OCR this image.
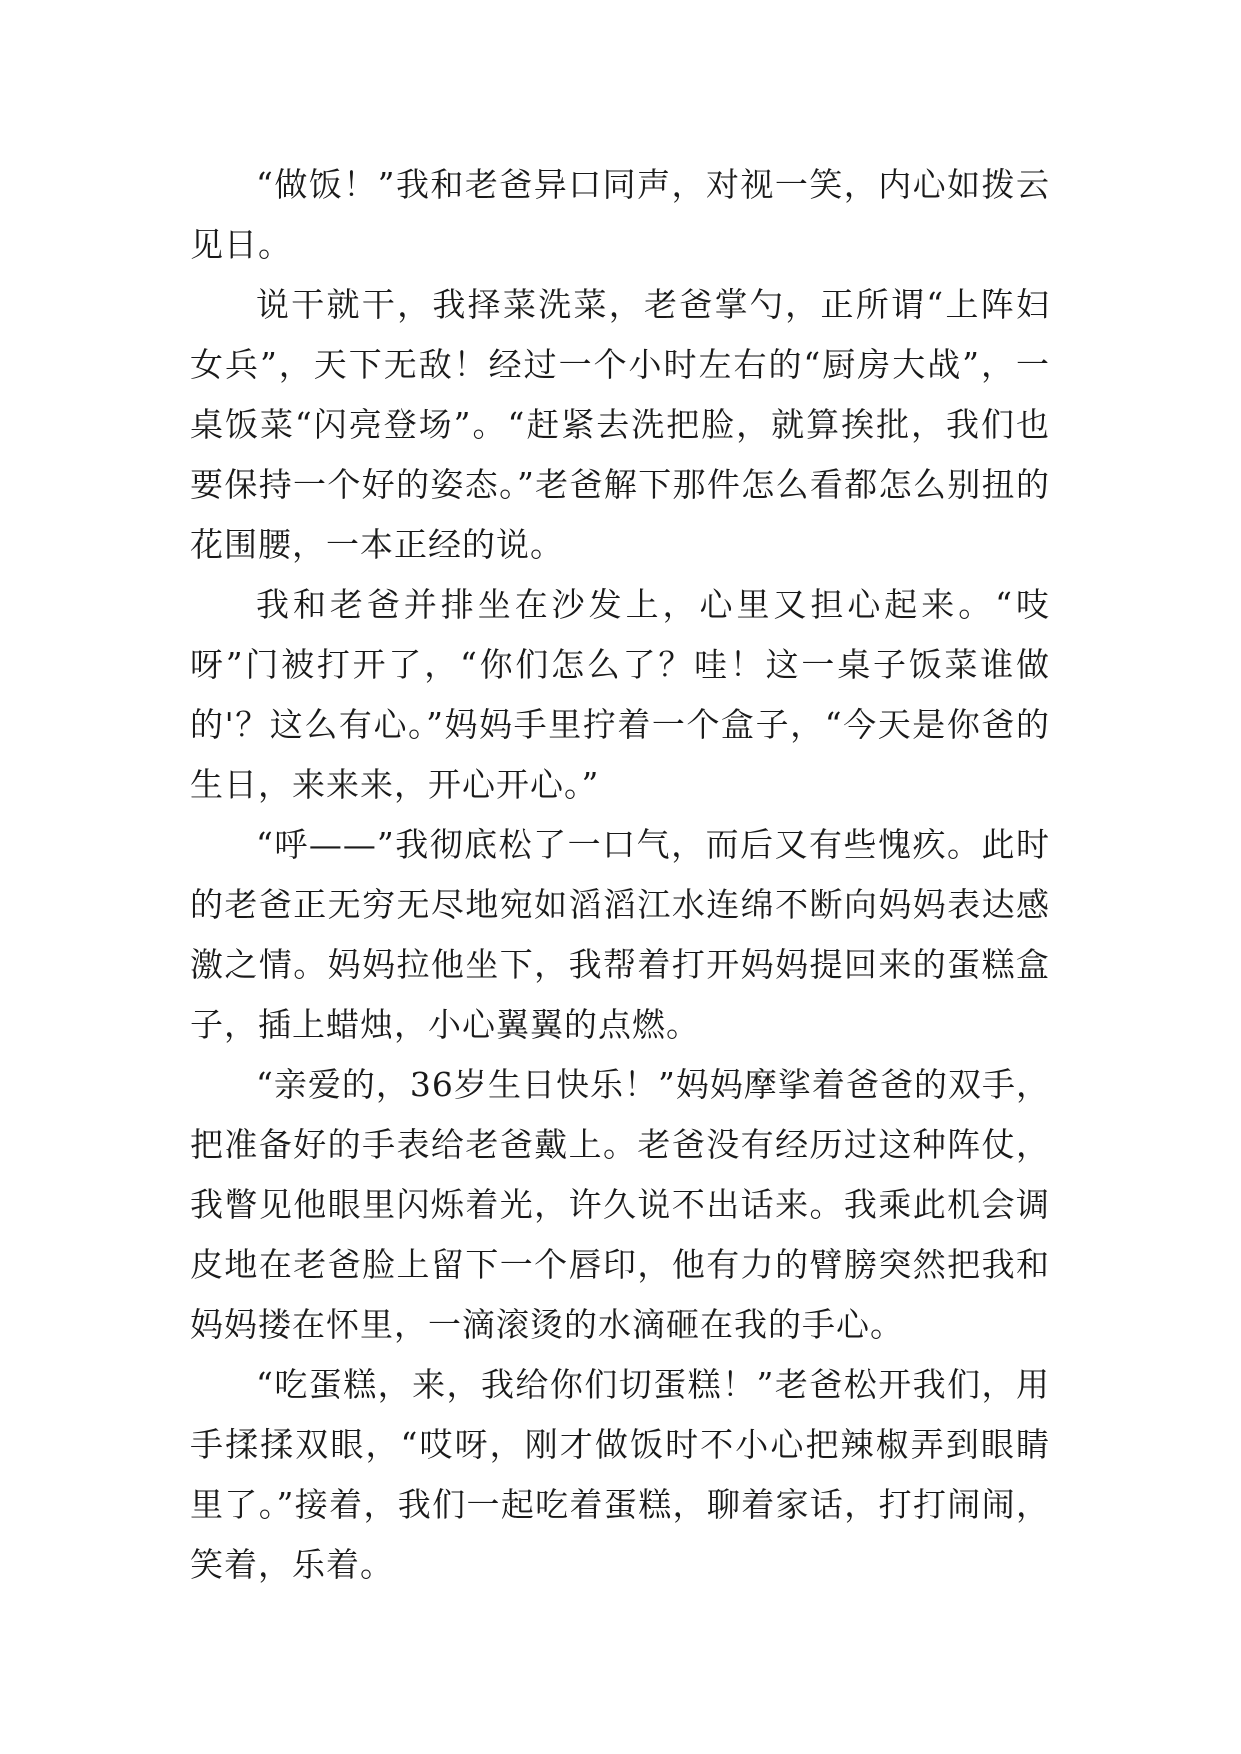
“做饭！”我和老爸异口同声，对视一笑，内心如拨云见日。

说干就干，我择菜洗菜，老爸掌勺，正所谓“上阵妇女兵”，天下无敌！经过一个小时左右的“厨房大战”，一桌饭菜“闪亮登场”。“赶紧去洗把脸，就算挨批，我们也要保持一个好的姿态。”老爸解下那件怎么看都怎么别扭的花围腰，一本正经的说。

我和老爸并排坐在沙发上，心里又担心起来。“吱呀”门被打开了，“你们怎么了？哇！这一桌子饭菜谁做的'？这么有心。”妈妈手里拧着一个盒子，“今天是你爸的生日，来来来，开心开心。”

“呼——”我彻底松了一口气，而后又有些愧疚。此时的老爸正无穷无尽地宛如滔滔江水连绵不断向妈妈表达感激之情。妈妈拉他坐下，我帮着打开妈妈提回来的蛋糕盒子，插上蜡烛，小心翼翼的点燃。

“亲爱的，36岁生日快乐！”妈妈摩挲着爸爸的双手，把准备好的手表给老爸戴上。老爸没有经历过这种阵仗，我瞥见他眼里闪烁着光，许久说不出话来。我乘此机会调皮地在老爸脸上留下一个唇印，他有力的臂膀突然把我和妈妈搂在怀里，一滴滚烫的水滴砸在我的手心。

“吃蛋糕，来，我给你们切蛋糕！”老爸松开我们，用手揉揉双眼，“哎呀，刚才做饭时不小心把辣椒弄到眼睛里了。”接着，我们一起吃着蛋糕，聊着家话，打打闹闹，笑着，乐着。
